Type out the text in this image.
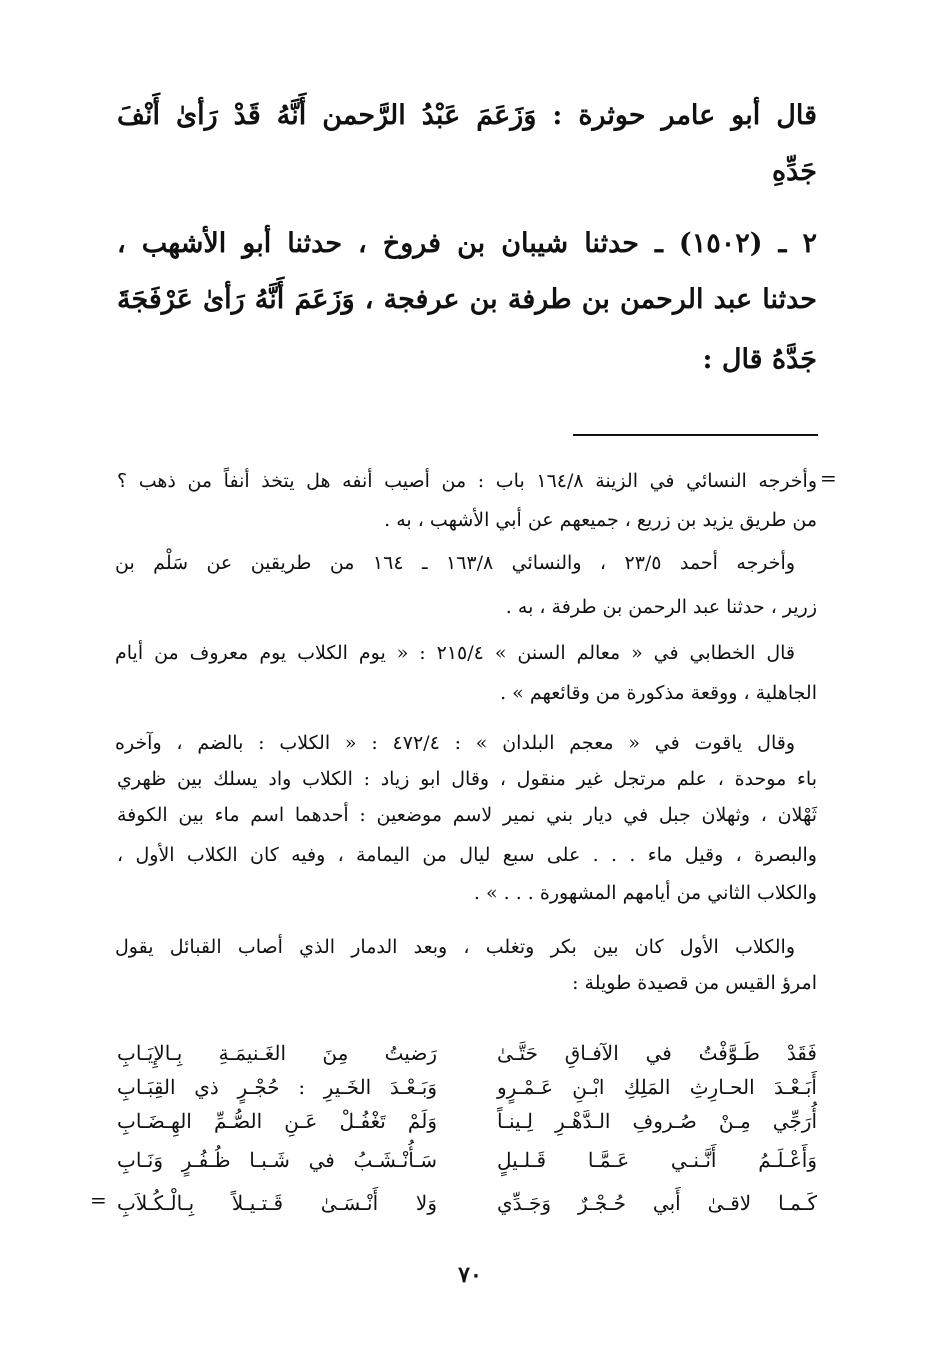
قال أبو عامر حوثرة : وَزَعَمَ عَبْدُ الرَّحمن أَنَّهُ قَدْ رَأىٰ أَنْفَ
جَدِّهِ
٢ ـ (١٥٠٢) ـ حدثنا شيبان بن فروخ ، حدثنا أبو الأشهب ،
حدثنا عبد الرحمن بن طرفة بن عرفجة ، وَزَعَمَ أَنَّهُ رَأىٰ عَرْفَجَةَ
جَدَّهُ قال :
=
وأخرجه النسائي في الزينة ١٦٤/٨ باب : من أصيب أنفه هل يتخذ أنفاً من ذهب ؟
من طريق يزيد بن زريع ، جميعهم عن أبي الأشهب ، به .
وأخرجه أحمد ٢٣/٥ ، والنسائي ١٦٣/٨ ـ ١٦٤ من طريقين عن سَلْم بن
زرير ، حدثنا عبد الرحمن بن طرفة ، به .
قال الخطابي في « معالم السنن » ٢١٥/٤ : « يوم الكلاب يوم معروف من أيام
الجاهلية ، ووقعة مذكورة من وقائعهم » .
وقال ياقوت في « معجم البلدان » : ٤٧٢/٤ : « الكلاب : بالضم ، وآخره
باء موحدة ، علم مرتجل غير منقول ، وقال ابو زياد : الكلاب واد يسلك بين ظهري
ثَهْلان ، وثهلان جبل في ديار بني نمير لاسم موضعين : أحدهما اسم ماء بين الكوفة
والبصرة ، وقيل ماء . . . على سبع ليال من اليمامة ، وفيه كان الكلاب الأول ،
والكلاب الثاني من أيامهم المشهورة . . . » .
والكلاب الأول كان بين بكر وتغلب ، وبعد الدمار الذي أصاب القبائل يقول
امرؤ القيس من قصيدة طويلة :
فَقَدْ طَـوَّفْتُ في الآفـاقِ حَتَّـىٰ
رَضيتُ مِنَ الغَـنيمَـةِ بِـالإِيَـابِ
أَبَـعْـدَ الحـارِثِ المَلِكِ ابْـنِ عَـمْـرٍو
وَبَـعْـدَ الخَـيرِ : حُجْـرٍ ذي القِبَـابِ
أُرَجِّي مِـنْ صُـروفِ الـدَّهْـرِ لِـينـاً
وَلَمْ تَغْفُـلْ عَـنِ الصُّـمِّ الهِـضَـابِ
وَأَعْـلَـمُ أَنَّـنـي عَـمَّـا قَـلـيلٍ
سَـأُنْـشَـبُ في شَـبـا ظُـفُـرٍ وَنَـابِ
كَـمـا لاقـىٰ أَبي حُـجْـرٌ وَجَـدِّي
وَلا أَنْـسَـىٰ قَـتـيـلاً بِـالْـكُـلاَبِ
=
٧٠
